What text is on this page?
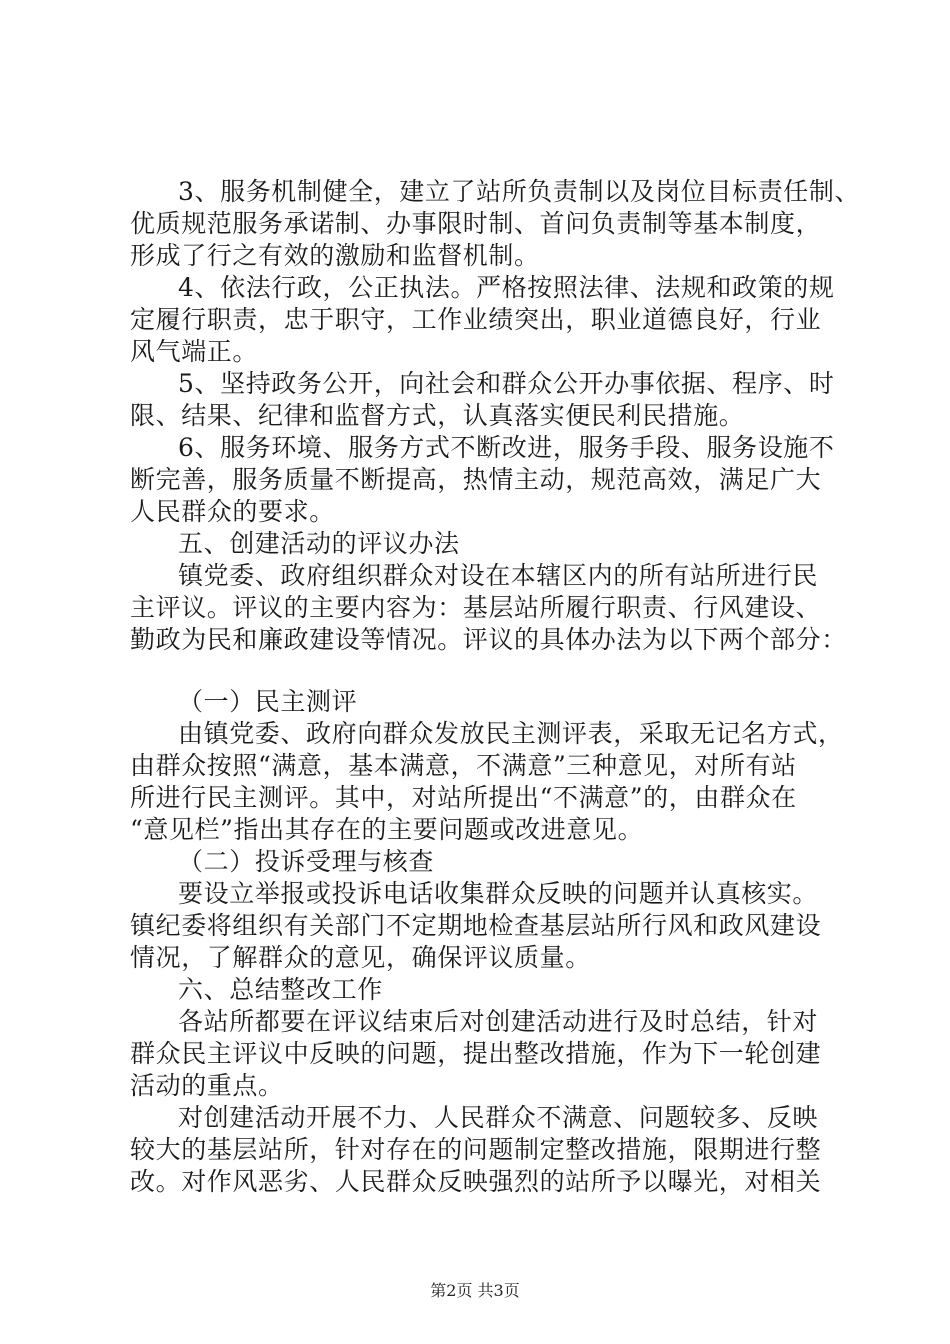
3、服务机制健全，建立了站所负责制以及岗位目标责任制、
优质规范服务承诺制、办事限时制、首问负责制等基本制度，
形成了行之有效的激励和监督机制。
4、依法行政，公正执法。严格按照法律、法规和政策的规
定履行职责，忠于职守，工作业绩突出，职业道德良好，行业
风气端正。
5、坚持政务公开，向社会和群众公开办事依据、程序、时
限、结果、纪律和监督方式，认真落实便民利民措施。
6、服务环境、服务方式不断改进，服务手段、服务设施不
断完善，服务质量不断提高，热情主动，规范高效，满足广大
人民群众的要求。
五、创建活动的评议办法
镇党委、政府组织群众对设在本辖区内的所有站所进行民
主评议。评议的主要内容为：基层站所履行职责、行风建设、
勤政为民和廉政建设等情况。评议的具体办法为以下两个部分：
（一）民主测评
由镇党委、政府向群众发放民主测评表，采取无记名方式，
由群众按照“满意，基本满意，不满意”三种意见，对所有站
所进行民主测评。其中，对站所提出“不满意”的，由群众在
“意见栏”指出其存在的主要问题或改进意见。
（二）投诉受理与核查
要设立举报或投诉电话收集群众反映的问题并认真核实。
镇纪委将组织有关部门不定期地检查基层站所行风和政风建设
情况，了解群众的意见，确保评议质量。
六、总结整改工作
各站所都要在评议结束后对创建活动进行及时总结，针对
群众民主评议中反映的问题，提出整改措施，作为下一轮创建
活动的重点。
对创建活动开展不力、人民群众不满意、问题较多、反映
较大的基层站所，针对存在的问题制定整改措施，限期进行整
改。对作风恶劣、人民群众反映强烈的站所予以曝光，对相关
第2页 共3页
